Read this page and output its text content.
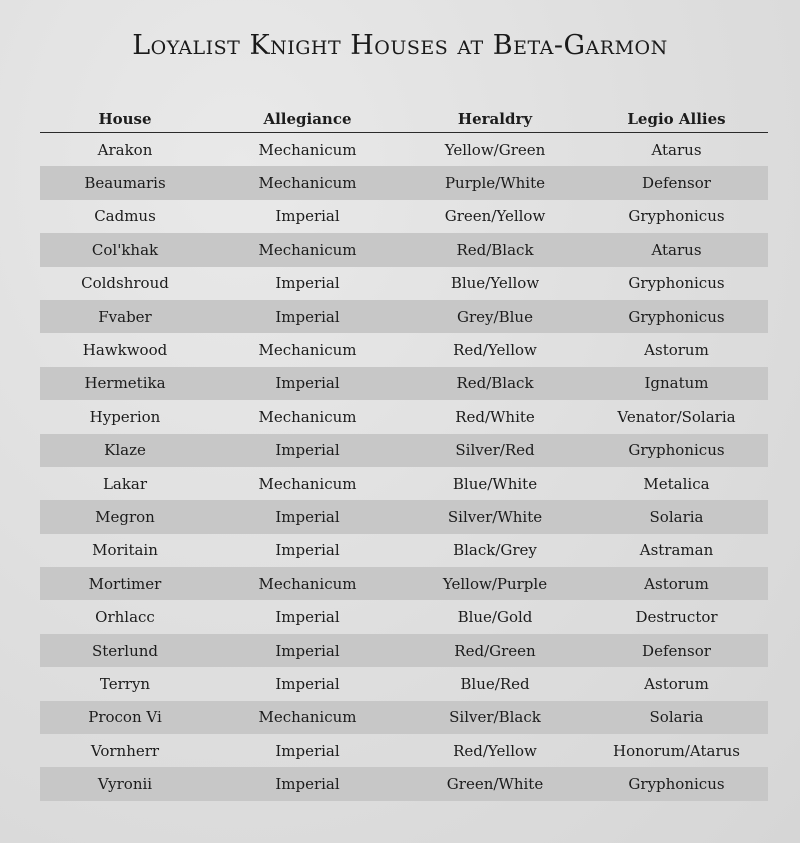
Loyalist Knight Houses at Beta-Garmon
House	Allegiance	Heraldry	Legio Allies
Arakon	Mechanicum	Yellow/Green	Atarus
Beaumaris	Mechanicum	Purple/White	Defensor
Cadmus	Imperial	Green/Yellow	Gryphonicus
Col'khak	Mechanicum	Red/Black	Atarus
Coldshroud	Imperial	Blue/Yellow	Gryphonicus
Fvaber	Imperial	Grey/Blue	Gryphonicus
Hawkwood	Mechanicum	Red/Yellow	Astorum
Hermetika	Imperial	Red/Black	Ignatum
Hyperion	Mechanicum	Red/White	Venator/Solaria
Klaze	Imperial	Silver/Red	Gryphonicus
Lakar	Mechanicum	Blue/White	Metalica
Megron	Imperial	Silver/White	Solaria
Moritain	Imperial	Black/Grey	Astraman
Mortimer	Mechanicum	Yellow/Purple	Astorum
Orhlacc	Imperial	Blue/Gold	Destructor
Sterlund	Imperial	Red/Green	Defensor
Terryn	Imperial	Blue/Red	Astorum
Procon Vi	Mechanicum	Silver/Black	Solaria
Vornherr	Imperial	Red/Yellow	Honorum/Atarus
Vyronii	Imperial	Green/White	Gryphonicus
